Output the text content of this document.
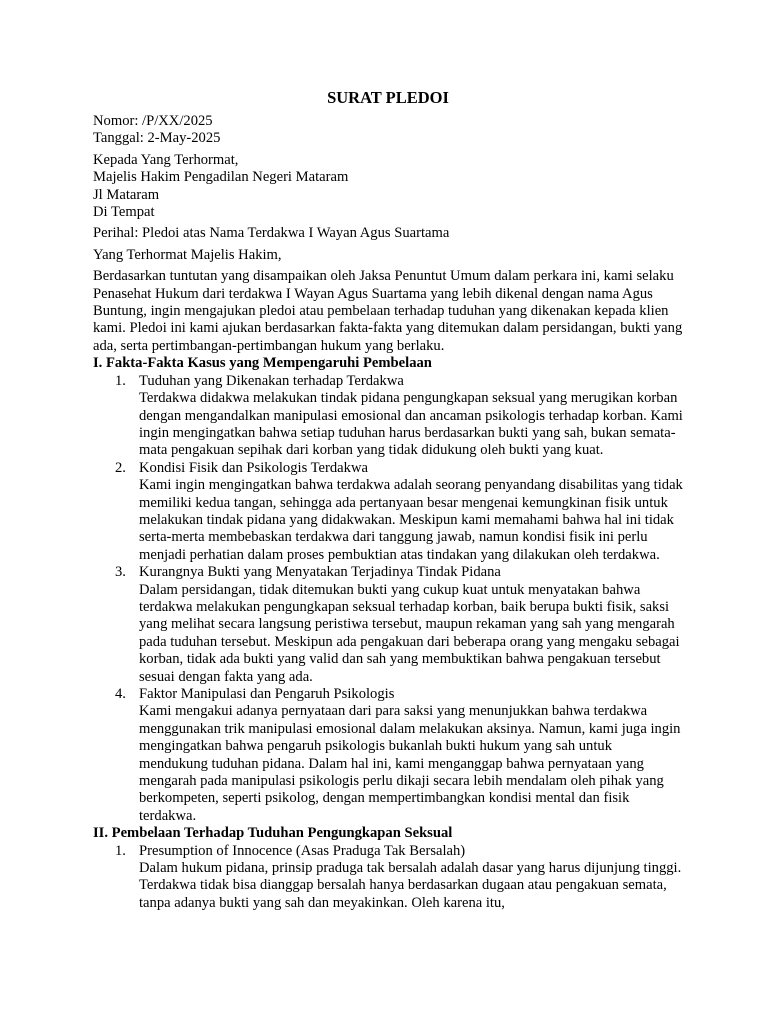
SURAT PLEDOI

Nomor: /P/XX/2025

Tanggal: 2-May-2025

Kepada Yang Terhormat,

Majelis Hakim Pengadilan Negeri Mataram

Jl Mataram

Di Tempat

Perihal: Pledoi atas Nama Terdakwa I Wayan Agus Suartama

Yang Terhormat Majelis Hakim,

Berdasarkan tuntutan yang disampaikan oleh Jaksa Penuntut Umum dalam perkara ini, kami selaku Penasehat Hukum dari terdakwa I Wayan Agus Suartama yang lebih dikenal dengan nama Agus Buntung, ingin mengajukan pledoi atau pembelaan terhadap tuduhan yang dikenakan kepada klien kami. Pledoi ini kami ajukan berdasarkan fakta-fakta yang ditemukan dalam persidangan, bukti yang ada, serta pertimbangan-pertimbangan hukum yang berlaku.

I. Fakta-Fakta Kasus yang Mempengaruhi Pembelaan
1. Tuduhan yang Dikenakan terhadap Terdakwa

Terdakwa didakwa melakukan tindak pidana pengungkapan seksual yang merugikan korban dengan mengandalkan manipulasi emosional dan ancaman psikologis terhadap korban. Kami ingin mengingatkan bahwa setiap tuduhan harus berdasarkan bukti yang sah, bukan semata-mata pengakuan sepihak dari korban yang tidak didukung oleh bukti yang kuat.

2. Kondisi Fisik dan Psikologis Terdakwa

Kami ingin mengingatkan bahwa terdakwa adalah seorang penyandang disabilitas yang tidak memiliki kedua tangan, sehingga ada pertanyaan besar mengenai kemungkinan fisik untuk melakukan tindak pidana yang didakwakan. Meskipun kami memahami bahwa hal ini tidak serta-merta membebaskan terdakwa dari tanggung jawab, namun kondisi fisik ini perlu menjadi perhatian dalam proses pembuktian atas tindakan yang dilakukan oleh terdakwa.

3. Kurangnya Bukti yang Menyatakan Terjadinya Tindak Pidana

Dalam persidangan, tidak ditemukan bukti yang cukup kuat untuk menyatakan bahwa terdakwa melakukan pengungkapan seksual terhadap korban, baik berupa bukti fisik, saksi yang melihat secara langsung peristiwa tersebut, maupun rekaman yang sah yang mengarah pada tuduhan tersebut. Meskipun ada pengakuan dari beberapa orang yang mengaku sebagai korban, tidak ada bukti yang valid dan sah yang membuktikan bahwa pengakuan tersebut sesuai dengan fakta yang ada.

4. Faktor Manipulasi dan Pengaruh Psikologis

Kami mengakui adanya pernyataan dari para saksi yang menunjukkan bahwa terdakwa menggunakan trik manipulasi emosional dalam melakukan aksinya. Namun, kami juga ingin mengingatkan bahwa pengaruh psikologis bukanlah bukti hukum yang sah untuk mendukung tuduhan pidana. Dalam hal ini, kami menganggap bahwa pernyataan yang mengarah pada manipulasi psikologis perlu dikaji secara lebih mendalam oleh pihak yang berkompeten, seperti psikolog, dengan mempertimbangkan kondisi mental dan fisik terdakwa.

II. Pembelaan Terhadap Tuduhan Pengungkapan Seksual
1. Presumption of Innocence (Asas Praduga Tak Bersalah)

Dalam hukum pidana, prinsip praduga tak bersalah adalah dasar yang harus dijunjung tinggi. Terdakwa tidak bisa dianggap bersalah hanya berdasarkan dugaan atau pengakuan semata, tanpa adanya bukti yang sah dan meyakinkan. Oleh karena itu,
